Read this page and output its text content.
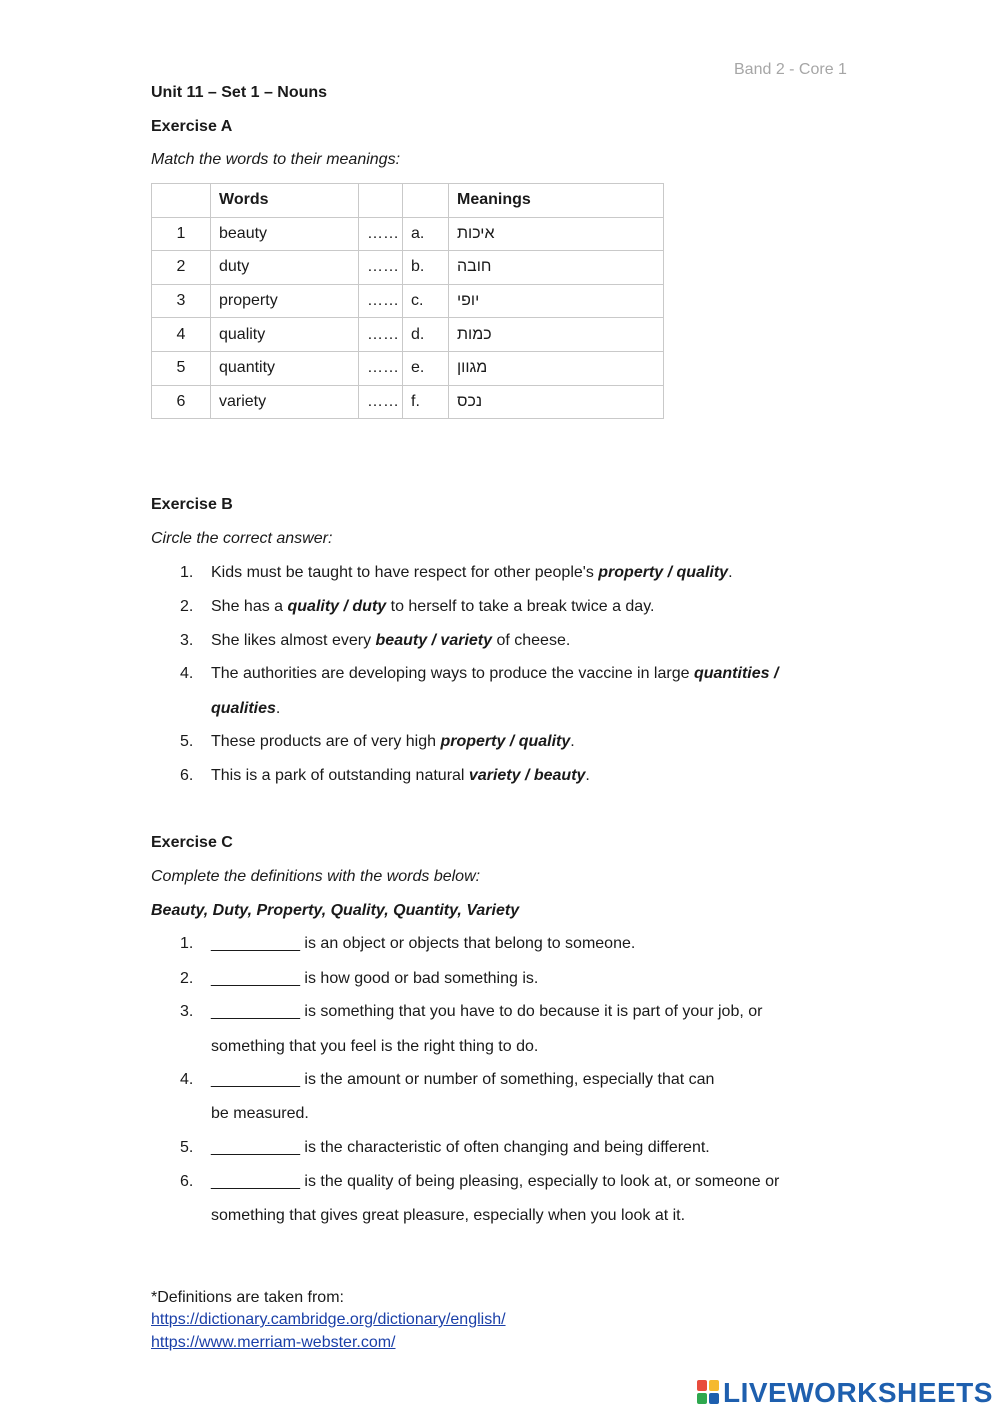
Band 2 - Core 1
Unit 11 – Set 1 – Nouns
Exercise A
Match the words to their meanings:
	Words			Meanings
1	beauty	……	a.	איכות
2	duty	……	b.	חובה
3	property	……	c.	יופי
4	quality	……	d.	כמות
5	quantity	……	e.	מגוון
6	variety	……	f.	נכס
Exercise B
Circle the correct answer:
1. Kids must be taught to have respect for other people's property / quality.
2. She has a quality / duty to herself to take a break twice a day.
3. She likes almost every beauty / variety of cheese.
4. The authorities are developing ways to produce the vaccine in large quantities /
qualities.
5. These products are of very high property / quality.
6. This is a park of outstanding natural variety / beauty.
Exercise C
Complete the definitions with the words below:
Beauty, Duty, Property, Quality, Quantity, Variety
1. __________ is an object or objects that belong to someone.
2. __________ is how good or bad something is.
3. __________ is something that you have to do because it is part of your job, or
something that you feel is the right thing to do.
4. __________ is the amount or number of something, especially that can
be measured.
5. __________ is the characteristic of often changing and being different.
6. __________ is the quality of being pleasing, especially to look at, or someone or
something that gives great pleasure, especially when you look at it.
*Definitions are taken from:
https://dictionary.cambridge.org/dictionary/english/
https://www.merriam-webster.com/
LIVEWORKSHEETS
